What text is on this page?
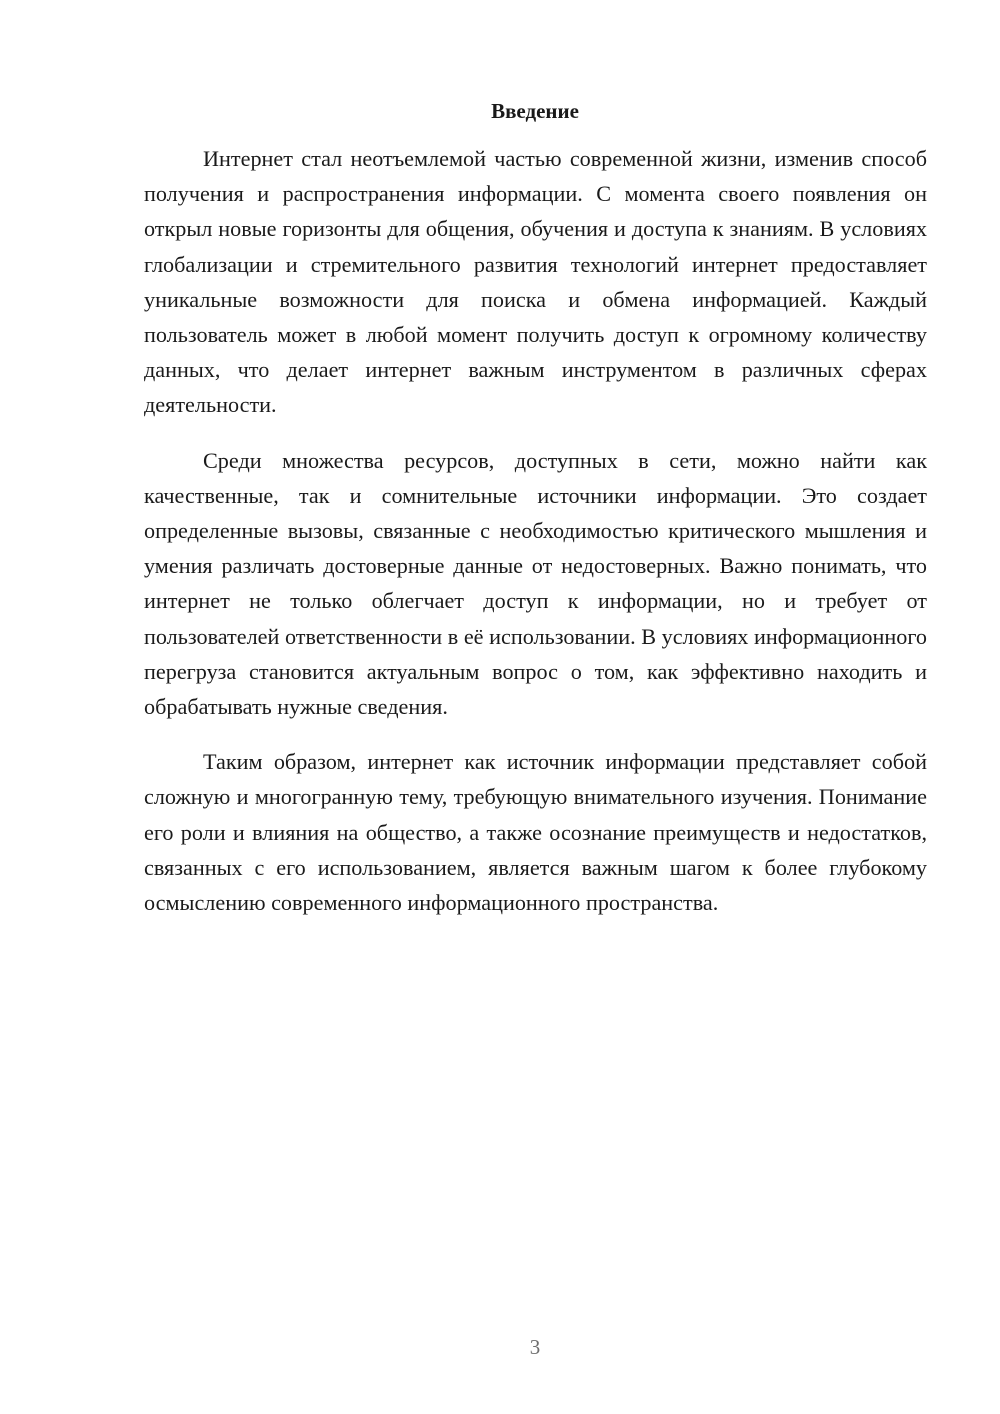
Введение

Интернет стал неотъемлемой частью современной жизни, изменив способ получения и распространения информации. С момента своего появления он открыл новые горизонты для общения, обучения и доступа к знаниям. В условиях глобализации и стремительного развития технологий интернет предоставляет уникальные возможности для поиска и обмена информацией. Каждый пользователь может в любой момент получить доступ к огромному количеству данных, что делает интернет важным инструментом в различных сферах деятельности.

Среди множества ресурсов, доступных в сети, можно найти как качественные, так и сомнительные источники информации. Это создает определенные вызовы, связанные с необходимостью критического мышления и умения различать достоверные данные от недостоверных. Важно понимать, что интернет не только облегчает доступ к информации, но и требует от пользователей ответственности в её использовании. В условиях информационного перегруза становится актуальным вопрос о том, как эффективно находить и обрабатывать нужные сведения.

Таким образом, интернет как источник информации представляет собой сложную и многогранную тему, требующую внимательного изучения. Понимание его роли и влияния на общество, а также осознание преимуществ и недостатков, связанных с его использованием, является важным шагом к более глубокому осмыслению современного информационного пространства.

3
